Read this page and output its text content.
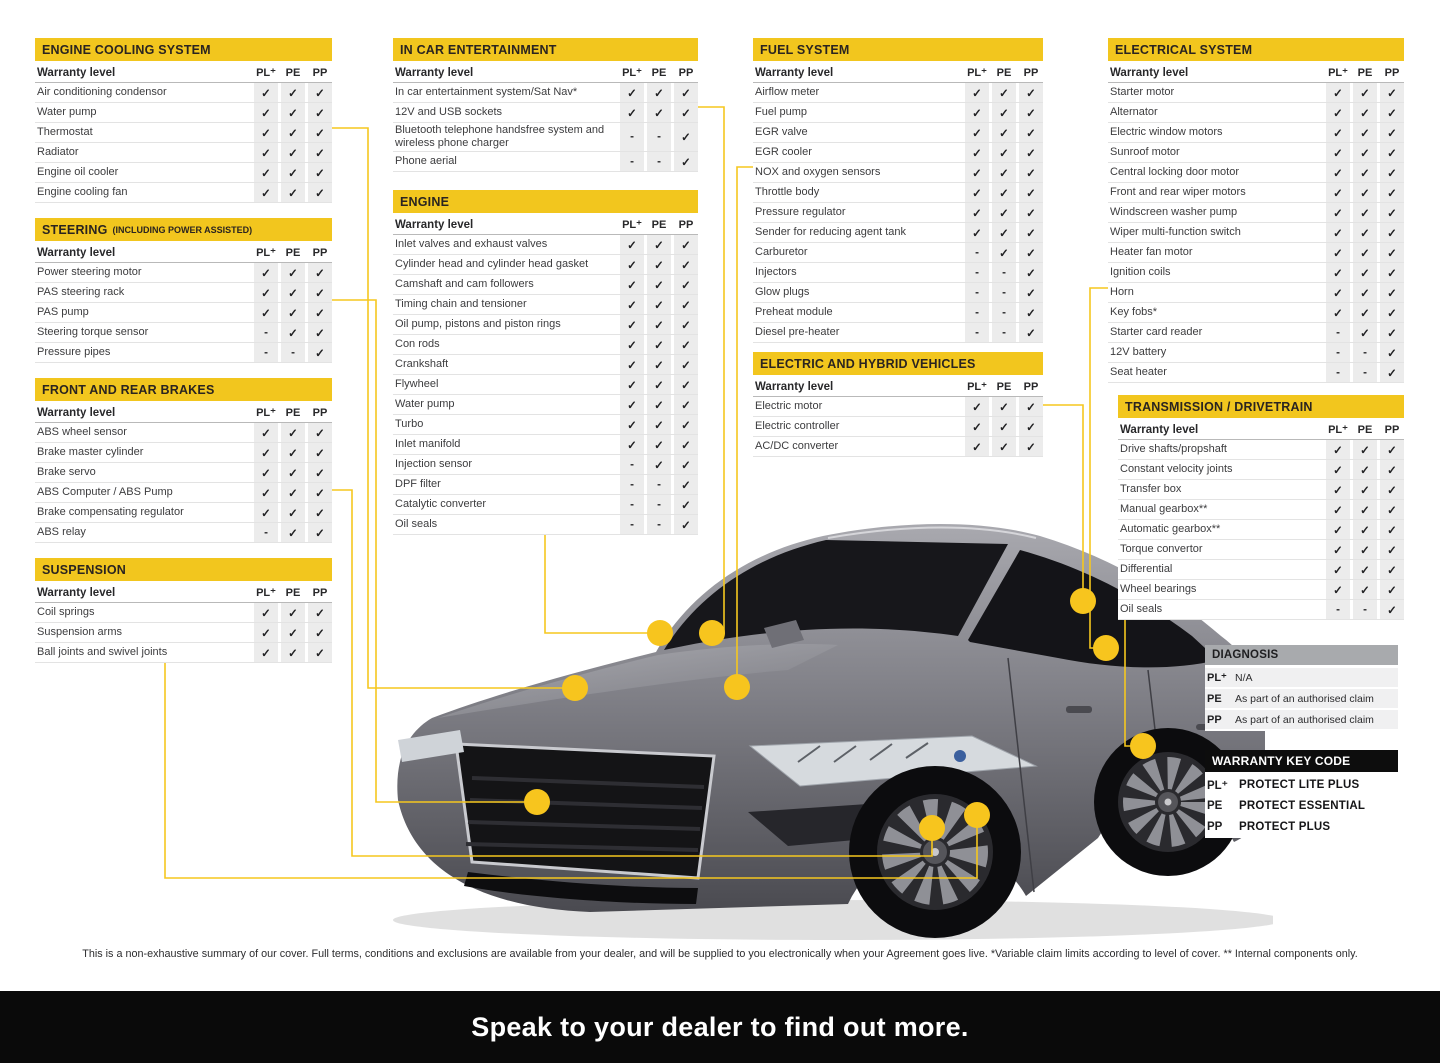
ENGINE COOLING SYSTEM
Warranty level	PL⁺ PE	PP
Air conditioning condensor	✓	✓	✓
Water pump	✓	✓	✓
Thermostat	✓	✓	✓
Radiator	✓	✓	✓
Engine oil cooler	✓	✓	✓
Engine cooling fan	✓	✓	✓
STEERING (INCLUDING POWER ASSISTED)
Warranty level	PL⁺ PE	PP
Power steering motor	✓	✓	✓
PAS steering rack	✓	✓	✓
PAS pump	✓	✓	✓
Steering torque sensor	-	✓	✓
Pressure pipes	-	-	✓
FRONT AND REAR BRAKES
Warranty level	PL⁺ PE	PP
ABS wheel sensor	✓	✓	✓
Brake master cylinder	✓	✓	✓
Brake servo	✓	✓	✓
ABS Computer / ABS Pump	✓	✓	✓
Brake compensating regulator	✓	✓	✓
ABS relay	-	✓	✓
SUSPENSION
Warranty level	PL⁺ PE	PP
Coil springs	✓	✓	✓
Suspension arms	✓	✓	✓
Ball joints and swivel joints	✓	✓	✓
IN CAR ENTERTAINMENT
Warranty level	PL⁺ PE	PP
In car entertainment system/Sat Nav*	✓	✓	✓
12V and USB sockets	✓	✓	✓
Bluetooth telephone handsfree system and wireless phone charger	-	-	✓
Phone aerial	-	-	✓
ENGINE
Warranty level	PL⁺ PE	PP
Inlet valves and exhaust valves	✓	✓	✓
Cylinder head and cylinder head gasket	✓	✓	✓
Camshaft and cam followers	✓	✓	✓
Timing chain and tensioner	✓	✓	✓
Oil pump, pistons and piston rings	✓	✓	✓
Con rods	✓	✓	✓
Crankshaft	✓	✓	✓
Flywheel	✓	✓	✓
Water pump	✓	✓	✓
Turbo	✓	✓	✓
Inlet manifold	✓	✓	✓
Injection sensor	-	✓	✓
DPF filter	-	-	✓
Catalytic converter	-	-	✓
Oil seals	-	-	✓
FUEL SYSTEM
Warranty level	PL⁺ PE	PP
Airflow meter	✓	✓	✓
Fuel pump	✓	✓	✓
EGR valve	✓	✓	✓
EGR cooler	✓	✓	✓
NOX and oxygen sensors	✓	✓	✓
Throttle body	✓	✓	✓
Pressure regulator	✓	✓	✓
Sender for reducing agent tank	✓	✓	✓
Carburetor	-	✓	✓
Injectors	-	-	✓
Glow plugs	-	-	✓
Preheat module	-	-	✓
Diesel pre-heater	-	-	✓
ELECTRIC AND HYBRID VEHICLES
Warranty level	PL⁺ PE	PP
Electric motor	✓	✓	✓
Electric controller	✓	✓	✓
AC/DC converter	✓	✓	✓
ELECTRICAL SYSTEM
Warranty level	PL⁺ PE	PP
Starter motor	✓	✓	✓
Alternator	✓	✓	✓
Electric window motors	✓	✓	✓
Sunroof motor	✓	✓	✓
Central locking door motor	✓	✓	✓
Front and rear wiper motors	✓	✓	✓
Windscreen washer pump	✓	✓	✓
Wiper multi-function switch	✓	✓	✓
Heater fan motor	✓	✓	✓
Ignition coils	✓	✓	✓
Horn	✓	✓	✓
Key fobs*	✓	✓	✓
Starter card reader	-	✓	✓
12V battery	-	-	✓
Seat heater	-	-	✓
TRANSMISSION / DRIVETRAIN
Warranty level	PL⁺ PE	PP
Drive shafts/propshaft	✓	✓	✓
Constant velocity joints	✓	✓	✓
Transfer box	✓	✓	✓
Manual gearbox**	✓	✓	✓
Automatic gearbox**	✓	✓	✓
Torque convertor	✓	✓	✓
Differential	✓	✓	✓
Wheel bearings	✓	✓	✓
Oil seals	-	-	✓
DIAGNOSIS
PL⁺ N/A
PE	As part of an authorised claim
PP	As part of an authorised claim
WARRANTY KEY CODE
PL⁺ PROTECT LITE PLUS
PE	PROTECT ESSENTIAL
PP	PROTECT PLUS
This is a non-exhaustive summary of our cover. Full terms, conditions and exclusions are available from your dealer, and will be supplied to you electronically when your Agreement goes live. *Variable claim limits according to level of cover. ** Internal components only.
Speak to your dealer to find out more.
